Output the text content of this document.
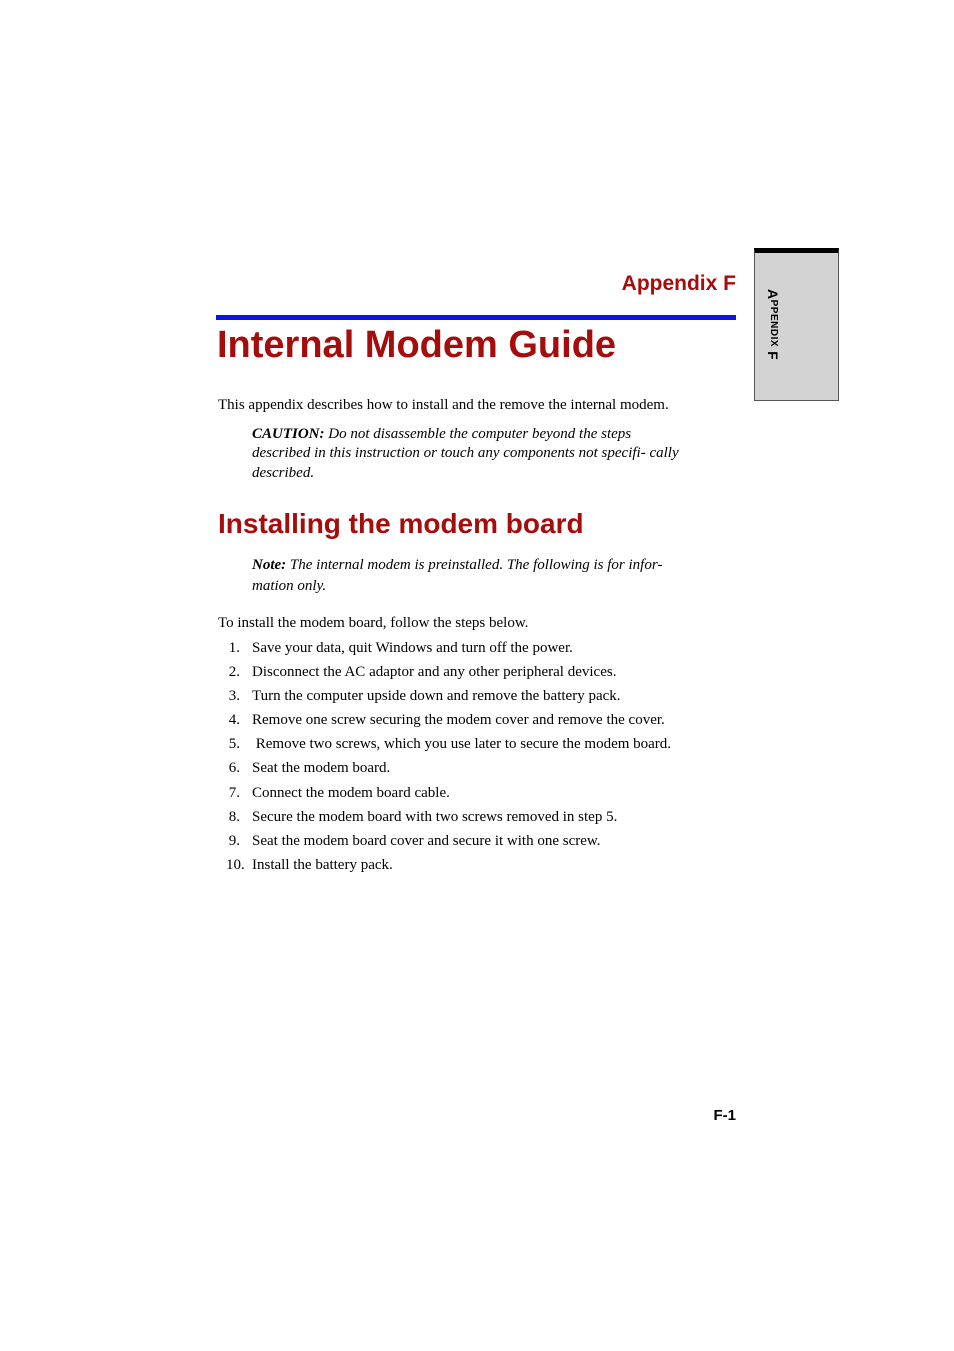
APPENDIX F
Appendix F
Internal Modem Guide

This appendix describes how to install and the remove the internal modem.

CAUTION: Do not disassemble the computer beyond the steps described in this instruction or touch any components not specifi- cally described.

Installing the modem board

Note: The internal modem is preinstalled. The following is for infor- mation only.

To install the modem board, follow the steps below.

1. Save your data, quit Windows and turn off the power.
2. Disconnect the AC adaptor and any other peripheral devices.
3. Turn the computer upside down and remove the battery pack.
4. Remove one screw securing the modem cover and remove the cover.
5. Remove two screws, which you use later to secure the modem board.
6. Seat the modem board.
7. Connect the modem board cable.
8. Secure the modem board with two screws removed in step 5.
9. Seat the modem board cover and secure it with one screw.
10. Install the battery pack.
F-1
